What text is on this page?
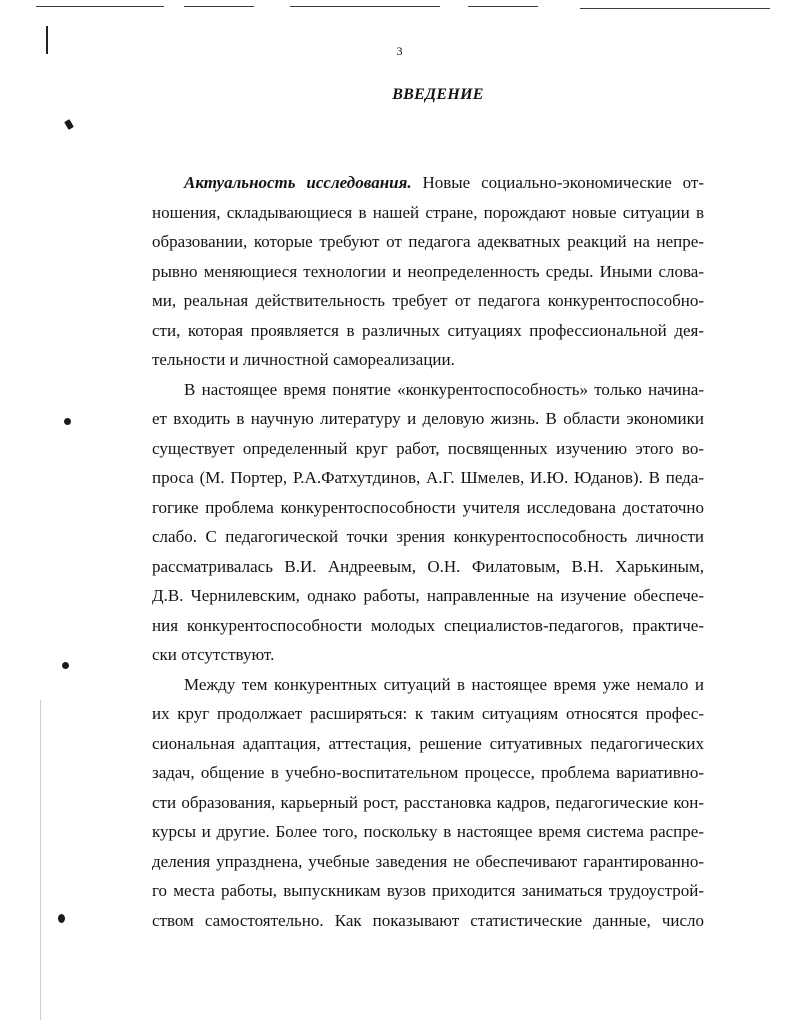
3
ВВЕДЕНИЕ
Актуальность исследования. Новые социально-экономические от-
ношения, складывающиеся в нашей стране, порождают новые ситуации в
образовании, которые требуют от педагога адекватных реакций на непре-
рывно меняющиеся технологии и неопределенность среды. Иными слова-
ми, реальная действительность требует от педагога конкурентоспособно-
сти, которая проявляется в различных ситуациях профессиональной дея-
тельности и личностной самореализации.
В настоящее время понятие «конкурентоспособность» только начина-
ет входить в научную литературу и деловую жизнь. В области экономики
существует определенный круг работ, посвященных изучению этого во-
проса (М. Портер, Р.А.Фатхутдинов, А.Г. Шмелев, И.Ю. Юданов). В педа-
гогике проблема конкурентоспособности учителя исследована достаточно
слабо. С педагогической точки зрения конкурентоспособность личности
рассматривалась В.И. Андреевым, О.Н. Филатовым, В.Н. Харькиным,
Д.В. Чернилевским, однако работы, направленные на изучение обеспече-
ния конкурентоспособности молодых специалистов-педагогов, практиче-
ски отсутствуют.
Между тем конкурентных ситуаций в настоящее время уже немало и
их круг продолжает расширяться: к таким ситуациям относятся профес-
сиональная адаптация, аттестация, решение ситуативных педагогических
задач, общение в учебно-воспитательном процессе, проблема вариативно-
сти образования, карьерный рост, расстановка кадров, педагогические кон-
курсы и другие. Более того, поскольку в настоящее время система распре-
деления упразднена, учебные заведения не обеспечивают гарантированно-
го места работы, выпускникам вузов приходится заниматься трудоустрой-
ством самостоятельно. Как показывают статистические данные, число
